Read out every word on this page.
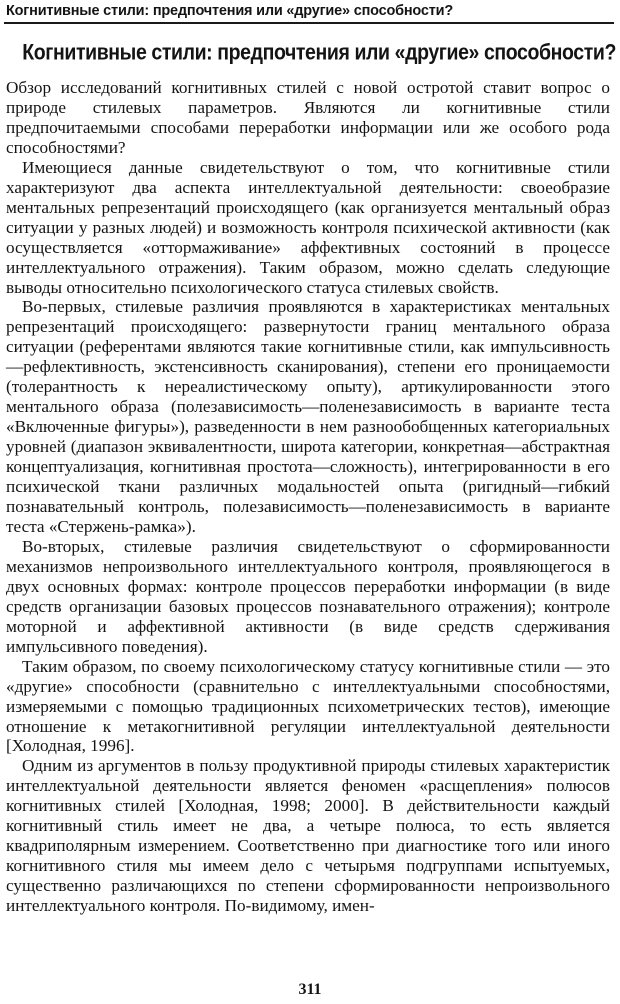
Когнитивные стили: предпочтения или «другие» способности?
Когнитивные стили: предпочтения или «другие» способности?

Обзор исследований когнитивных стилей с новой остротой ставит вопрос о природе стилевых параметров. Являются ли когнитивные стили предпочитаемыми способами переработки информации или же особого рода способностями?

Имеющиеся данные свидетельствуют о том, что когнитивные стили характеризуют два аспекта интеллектуальной деятельности: своеобразие ментальных репрезентаций происходящего (как организуется ментальный образ ситуации у разных людей) и возможность контроля психической активности (как осуществляется «оттормаживание» аффективных состояний в процессе интеллектуального отражения). Таким образом, можно сделать следующие выводы относительно психологического статуса стилевых свойств.

Во-первых, стилевые различия проявляются в характеристиках ментальных репрезентаций происходящего: развернутости границ ментального образа ситуации (референтами являются такие когнитивные стили, как импульсивность—рефлективность, экстенсивность сканирования), степени его проницаемости (толерантность к нереалистическому опыту), артикулированности этого ментального образа (полезависимость—поленезависимость в варианте теста «Включенные фигуры»), разведенности в нем разнообобщенных категориальных уровней (диапазон эквивалентности, широта категории, конкретная—абстрактная концептуализация, когнитивная простота—сложность), интегрированности в его психической ткани различных модальностей опыта (ригидный—гибкий познавательный контроль, полезависимость—поленезависимость в варианте теста «Стержень-рамка»).

Во-вторых, стилевые различия свидетельствуют о сформированности механизмов непроизвольного интеллектуального контроля, проявляющегося в двух основных формах: контроле процессов переработки информации (в виде средств организации базовых процессов познавательного отражения); контроле моторной и аффективной активности (в виде средств сдерживания импульсивного поведения).

Таким образом, по своему психологическому статусу когнитивные стили — это «другие» способности (сравнительно с интеллектуальными способностями, измеряемыми с помощью традиционных психометрических тестов), имеющие отношение к метакогнитивной регуляции интеллектуальной деятельности [Холодная, 1996].

Одним из аргументов в пользу продуктивной природы стилевых характеристик интеллектуальной деятельности является феномен «расщепления» полюсов когнитивных стилей [Холодная, 1998; 2000]. В действительности каждый когнитивный стиль имеет не два, а четыре полюса, то есть является квадриполярным измерением. Соответственно при диагностике того или иного когнитивного стиля мы имеем дело с четырьмя подгруппами испытуемых, существенно различающихся по степени сформированности непроизвольного интеллектуального контроля. По-видимому, имен-

311
